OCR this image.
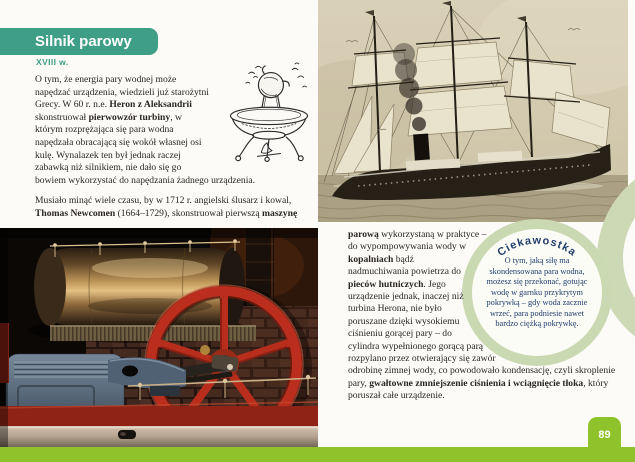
Silnik parowy
XVIII w.

O tym, że energia pary wodnej może napędzać urządzenia, wiedzieli już starożytni Grecy. W 60 r. n.e. Heron z Aleksandrii skonstruował pierwowzór turbiny, w którym rozprężająca się para wodna napędzała obracającą się wokół własnej osi kulę. Wynalazek ten był jednak raczej zabawką niż silnikiem, nie dało się go bowiem wykorzystać do napędzania żadnego urządzenia.

Musiało minąć wiele czasu, by w 1712 r. angielski ślusarz i kowal, Thomas Newcomen (1664–1729), skonstruował pierwszą maszynę

parową wykorzystaną w praktyce – do wypompowywania wody w kopalniach bądź nadmuchiwania powietrza do pieców hutniczych. Jego urządzenie jednak, inaczej niż turbina Herona, nie było poruszane dzięki wysokiemu ciśnieniu gorącej pary – do cylindra wypełnionego gorącą parą rozpylano przez otwierający się zawór odrobinę zimnej wody, co powodowało kondensację, czyli skroplenie pary, gwałtowne zmniejszenie ciśnienia i wciągnięcie tłoka, który poruszał całe urządzenie.

Ciekawostka
O tym, jaką siłę ma skondensowana para wodna, możesz się przekonać, gotując wodę w garnku przykrytym pokrywką – gdy woda zacznie wrzeć, para podniesie nawet bardzo ciężką pokrywkę.
89
